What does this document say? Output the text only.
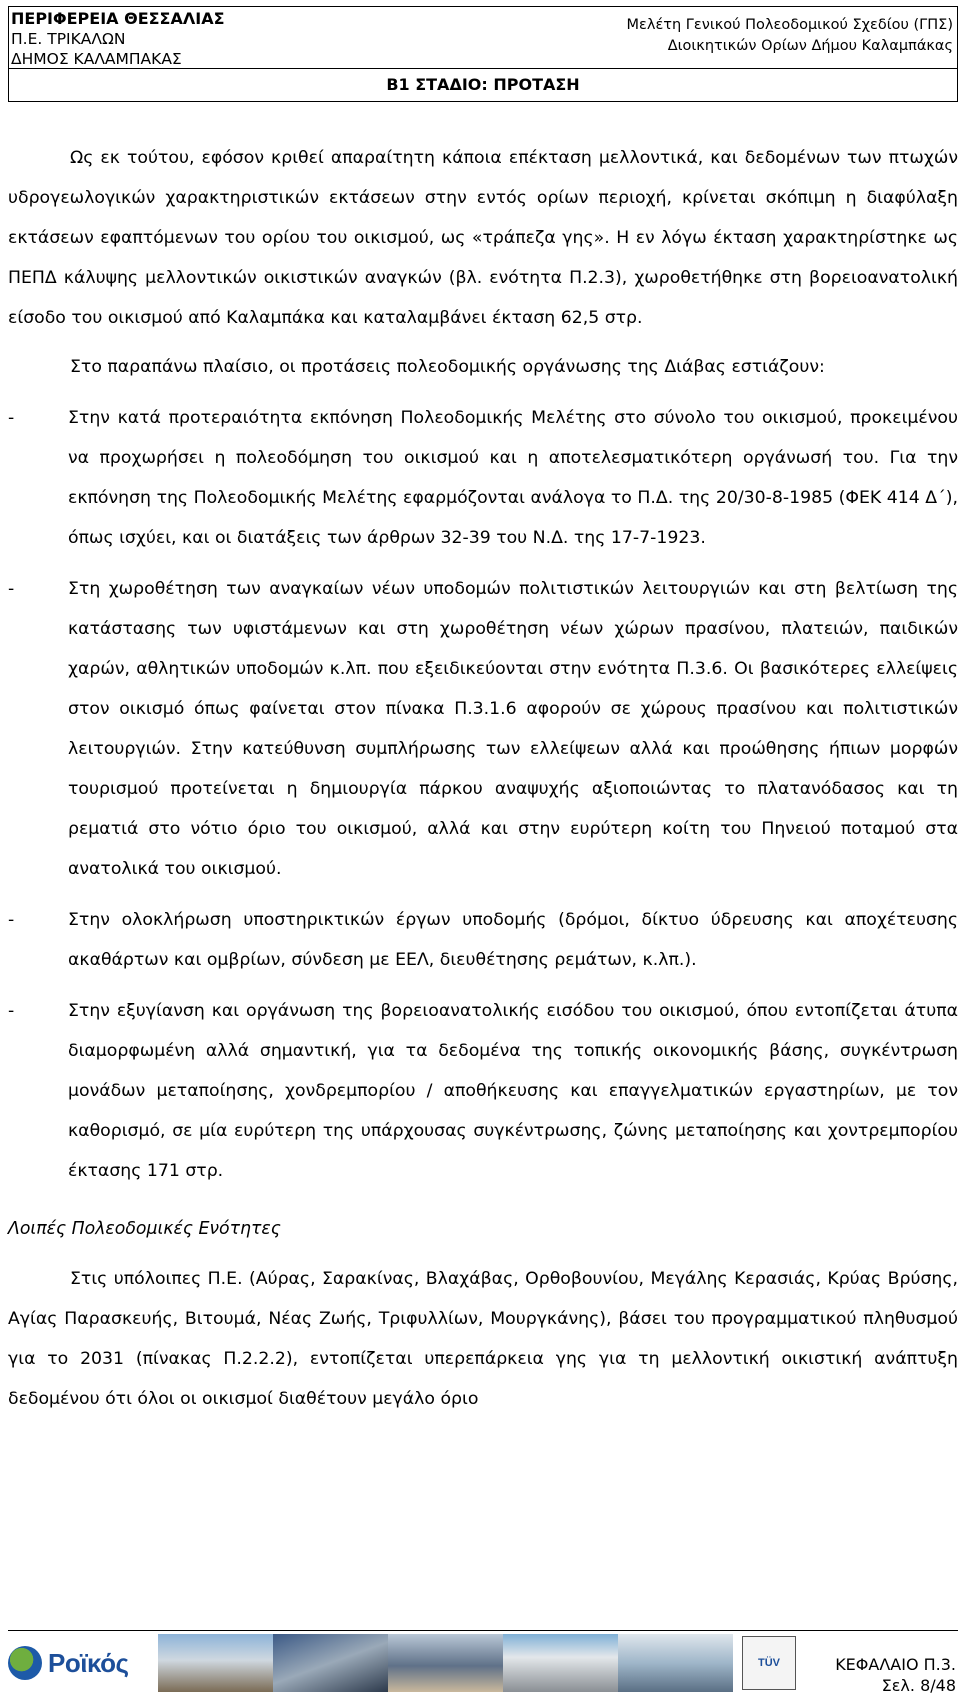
ΠΕΡΙΦΕΡΕΙΑ ΘΕΣΣΑΛΙΑΣ
Π.Ε. ΤΡΙΚΑΛΩΝ
ΔΗΜΟΣ ΚΑΛΑΜΠΑΚΑΣ
Μελέτη Γενικού Πολεοδομικού Σχεδίου (ΓΠΣ)
Διοικητικών Ορίων Δήμου Καλαμπάκας
Β1 ΣΤΑΔΙΟ: ΠΡΟΤΑΣΗ

Ως εκ τούτου, εφόσον κριθεί απαραίτητη κάποια επέκταση μελλοντικά, και δεδομένων των πτωχών υδρογεωλογικών χαρακτηριστικών εκτάσεων στην εντός ορίων περιοχή, κρίνεται σκόπιμη η διαφύλαξη εκτάσεων εφαπτόμενων του ορίου του οικισμού, ως «τράπεζα γης». Η εν λόγω έκταση χαρακτηρίστηκε ως ΠΕΠΔ κάλυψης μελλοντικών οικιστικών αναγκών (βλ. ενότητα Π.2.3), χωροθετήθηκε στη βορειοανατολική είσοδο του οικισμού από Καλαμπάκα και καταλαμβάνει έκταση 62,5 στρ.

Στο παραπάνω πλαίσιο, οι προτάσεις πολεοδομικής οργάνωσης της Διάβας εστιάζουν:

-	Στην κατά προτεραιότητα εκπόνηση Πολεοδομικής Μελέτης στο σύνολο του οικισμού, προκειμένου να προχωρήσει η πολεοδόμηση του οικισμού και η αποτελεσματικότερη οργάνωσή του. Για την εκπόνηση της Πολεοδομικής Μελέτης εφαρμόζονται ανάλογα το Π.Δ. της 20/30-8-1985 (ΦΕΚ 414 Δ΄), όπως ισχύει, και οι διατάξεις των άρθρων 32-39 του Ν.Δ. της 17-7-1923.
-	Στη χωροθέτηση των αναγκαίων νέων υποδομών πολιτιστικών λειτουργιών και στη βελτίωση της κατάστασης των υφιστάμενων και στη χωροθέτηση νέων χώρων πρασίνου, πλατειών, παιδικών χαρών, αθλητικών υποδομών κ.λπ. που εξειδικεύονται στην ενότητα Π.3.6. Οι βασικότερες ελλείψεις στον οικισμό όπως φαίνεται στον πίνακα Π.3.1.6 αφορούν σε χώρους πρασίνου και πολιτιστικών λειτουργιών. Στην κατεύθυνση συμπλήρωσης των ελλείψεων αλλά και προώθησης ήπιων μορφών τουρισμού προτείνεται η δημιουργία πάρκου αναψυχής αξιοποιώντας το πλατανόδασος και τη ρεματιά στο νότιο όριο του οικισμού, αλλά και στην ευρύτερη κοίτη του Πηνειού ποταμού στα ανατολικά του οικισμού.
-	Στην ολοκλήρωση υποστηρικτικών έργων υποδομής (δρόμοι, δίκτυο ύδρευσης και αποχέτευσης ακαθάρτων και ομβρίων, σύνδεση με ΕΕΛ, διευθέτησης ρεμάτων, κ.λπ.).
-	Στην εξυγίανση και οργάνωση της βορειοανατολικής εισόδου του οικισμού, όπου εντοπίζεται άτυπα διαμορφωμένη αλλά σημαντική, για τα δεδομένα της τοπικής οικονομικής βάσης, συγκέντρωση μονάδων μεταποίησης, χονδρεμπορίου / αποθήκευσης και επαγγελματικών εργαστηρίων, με τον καθορισμό, σε μία ευρύτερη της υπάρχουσας συγκέντρωσης, ζώνης μεταποίησης και χοντρεμπορίου έκτασης 171 στρ.

Λοιπές Πολεοδομικές Ενότητες

Στις υπόλοιπες Π.Ε. (Αύρας, Σαρακίνας, Βλαχάβας, Ορθοβουνίου, Μεγάλης Κερασιάς, Κρύας Βρύσης, Αγίας Παρασκευής, Βιτουμά, Νέας Ζωής, Τριφυλλίων, Μουργκάνης), βάσει του προγραμματικού πληθυσμού για το 2031 (πίνακας Π.2.2.2), εντοπίζεται υπερεπάρκεια γης για τη μελλοντική οικιστική ανάπτυξη δεδομένου ότι όλοι οι οικισμοί διαθέτουν μεγάλο όριο

Ροϊκός	TÜV	ΚΕΦΑΛΑΙΟ Π.3.
Σελ. 8/48
